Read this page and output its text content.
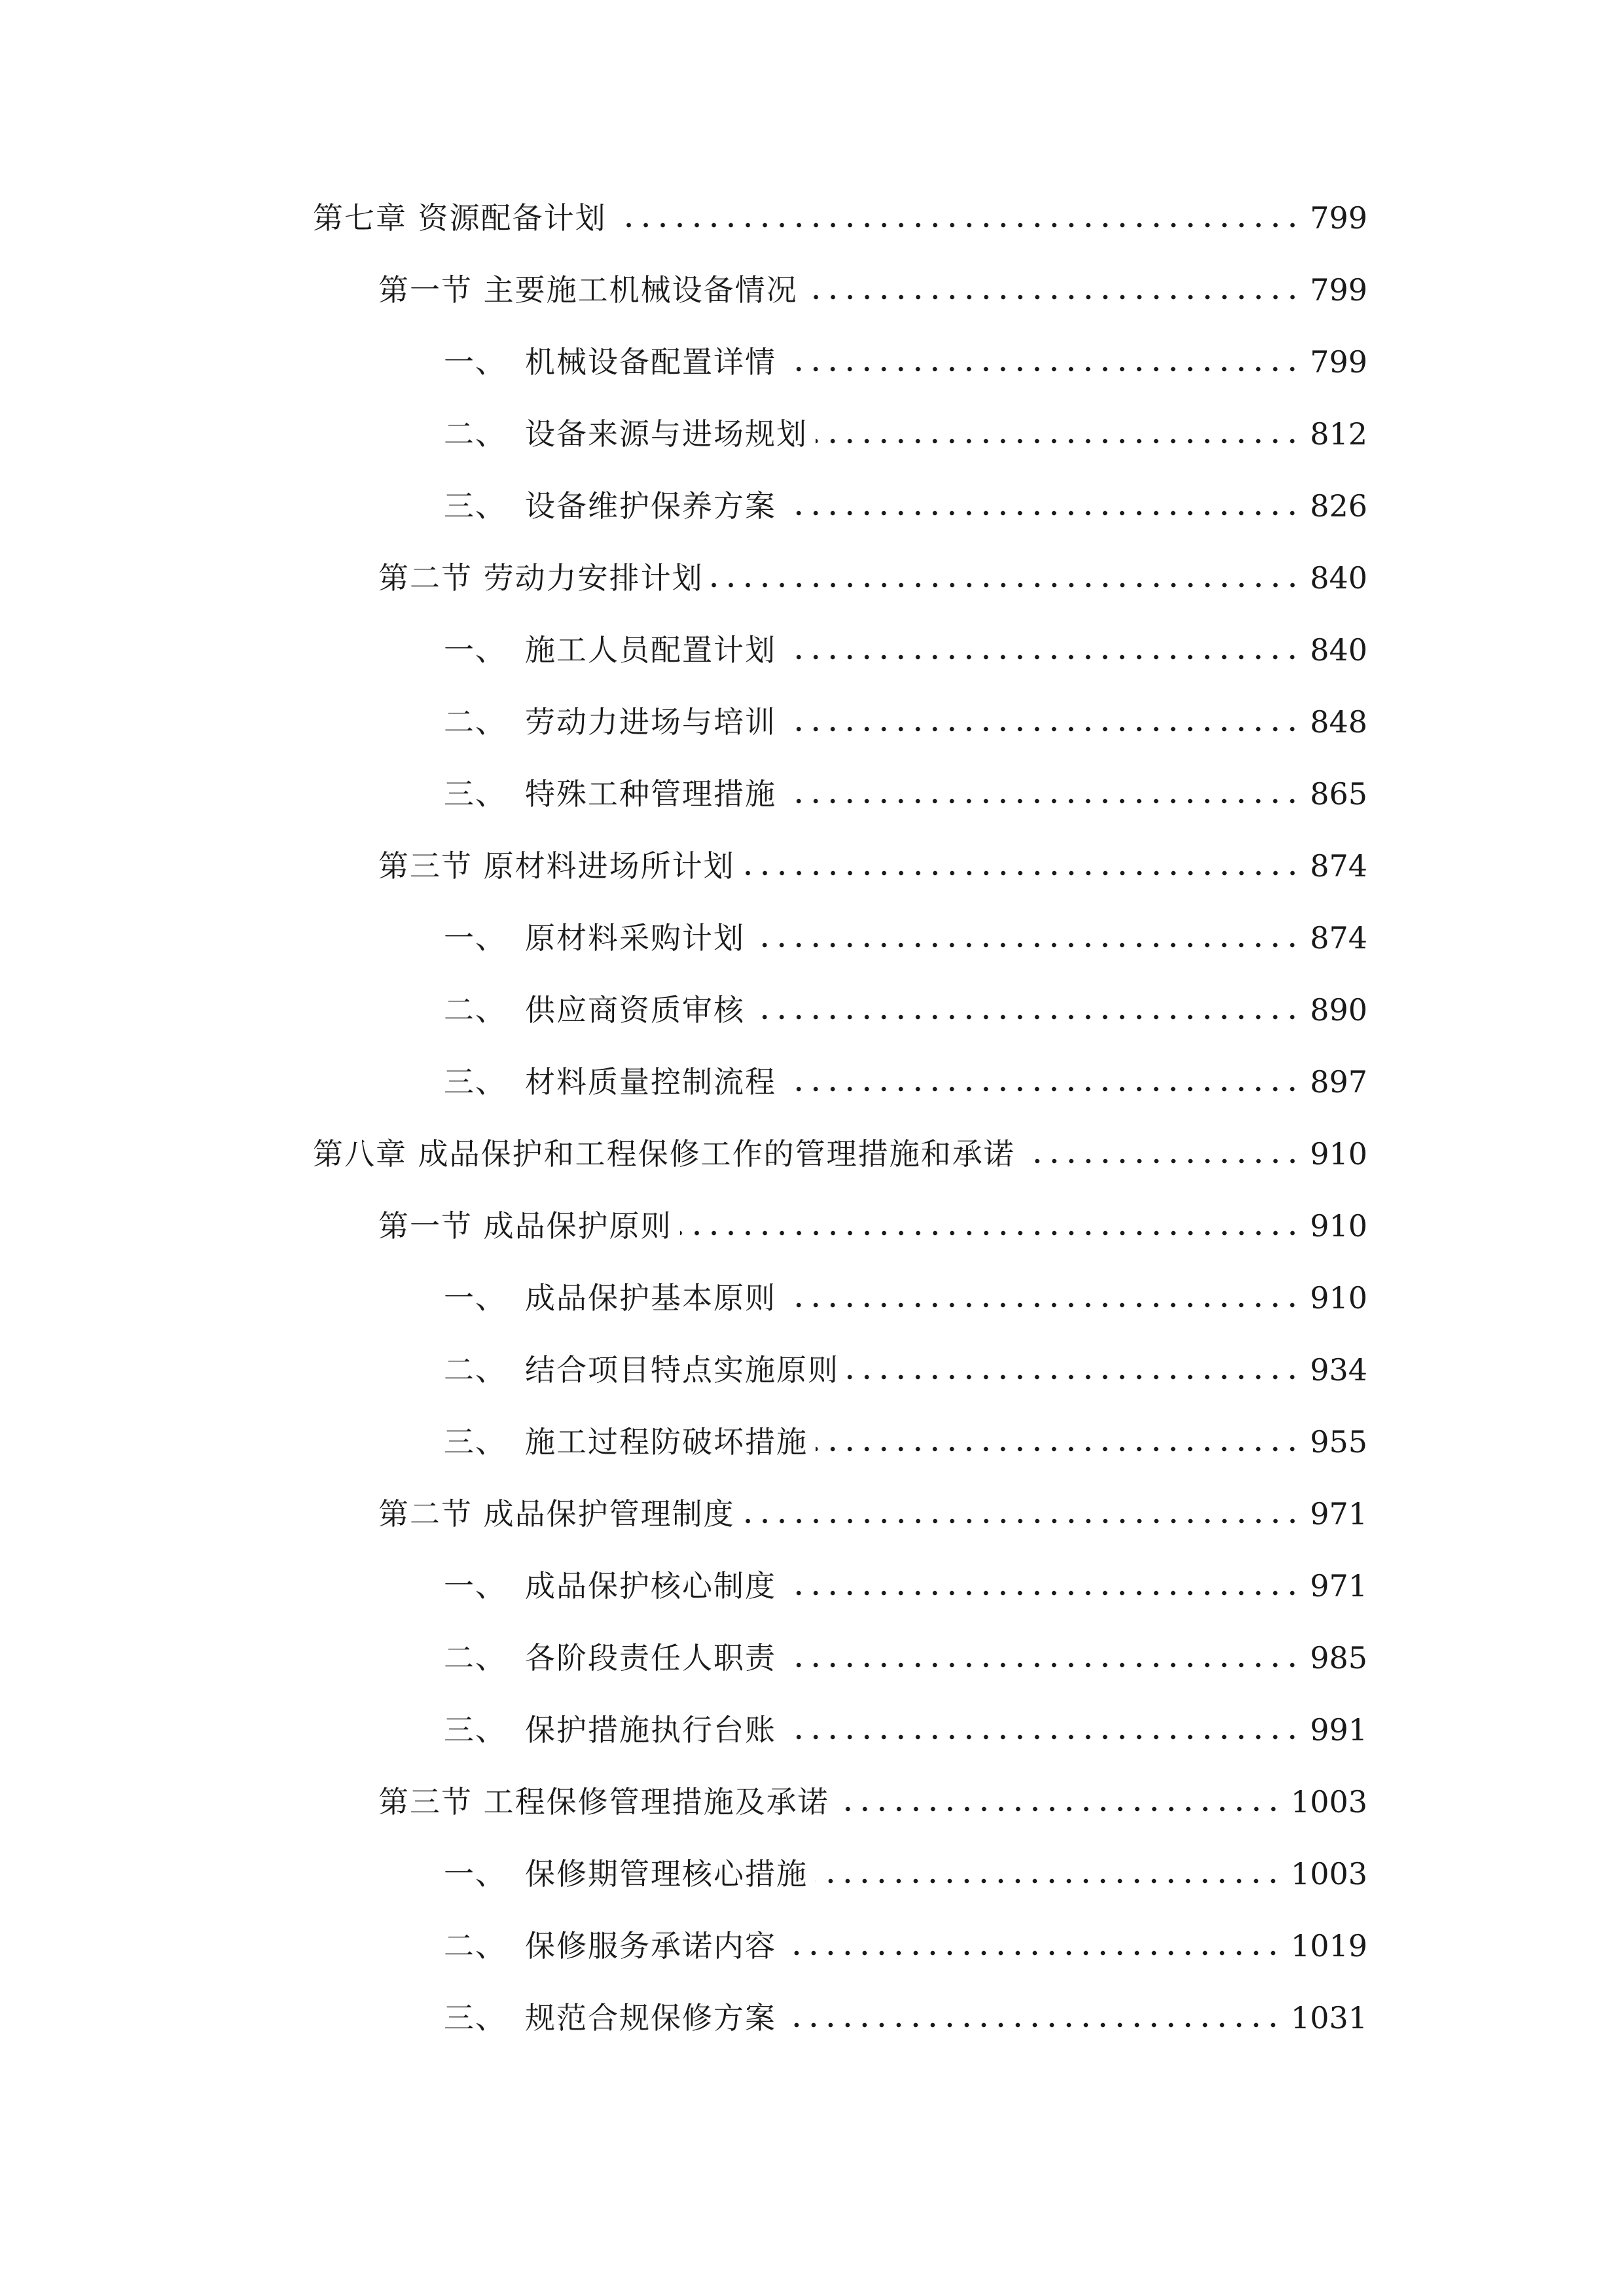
第七章 资源配备计划	799
第一节 主要施工机械设备情况	799
一、 机械设备配置详情	799
二、 设备来源与进场规划	812
三、 设备维护保养方案	826
第二节 劳动力安排计划	840
一、 施工人员配置计划	840
二、 劳动力进场与培训	848
三、 特殊工种管理措施	865
第三节 原材料进场所计划	874
一、 原材料采购计划	874
二、 供应商资质审核	890
三、 材料质量控制流程	897
第八章 成品保护和工程保修工作的管理措施和承诺	910
第一节 成品保护原则	910
一、 成品保护基本原则	910
二、 结合项目特点实施原则	934
三、 施工过程防破坏措施	955
第二节 成品保护管理制度	971
一、 成品保护核心制度	971
二、 各阶段责任人职责	985
三、 保护措施执行台账	991
第三节 工程保修管理措施及承诺	1003
一、 保修期管理核心措施	1003
二、 保修服务承诺内容	1019
三、 规范合规保修方案	1031
